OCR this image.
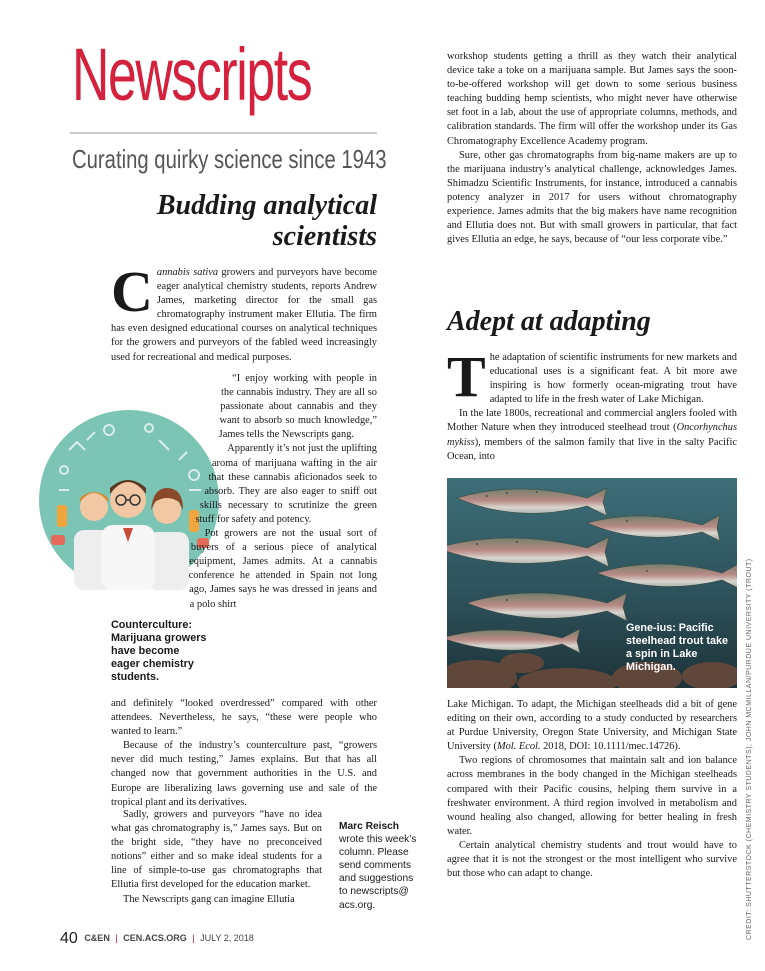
Newscripts
Curating quirky science since 1943
Budding analytical scientists

Cannabis sativa growers and purveyors have become eager analytical chemistry students, reports Andrew James, marketing director for the small gas chromatography instrument maker Ellutia. The firm has even designed educational courses on analytical techniques for the growers and purveyors of the fabled weed increasingly used for recreational and medical purposes.

“I enjoy working with people in the cannabis industry. They are all so passionate about cannabis and they want to absorb so much knowledge,” James tells the Newscripts gang.

Apparently it’s not just the uplifting aroma of marijuana wafting in the air that these cannabis aficionados seek to absorb. They are also eager to sniff out skills necessary to scrutinize the green stuff for safety and potency.

Pot growers are not the usual sort of buyers of a serious piece of analytical equipment, James admits. At a cannabis conference he attended in Spain not long ago, James says he was dressed in jeans and a polo shirt

Counterculture: Marijuana growers have become eager chemistry students.

and definitely “looked overdressed” compared with other attendees. Nevertheless, he says, “these were people who wanted to learn.”

Because of the industry’s counterculture past, “growers never did much testing,” James explains. But that has all changed now that government authorities in the U.S. and Europe are liberalizing laws governing use and sale of the tropical plant and its derivatives.

Sadly, growers and purveyors “have no idea what gas chromatography is,” James says. But on the bright side, “they have no preconceived notions” either and so make ideal students for a line of simple-to-use gas chromatographs that Ellutia first developed for the education market.

The Newscripts gang can imagine Ellutia

Marc Reisch wrote this week’s column. Please send comments and suggestions to newscripts@ acs.org.

workshop students getting a thrill as they watch their analytical device take a toke on a marijuana sample. But James says the soon-to-be-offered workshop will get down to some serious business teaching budding hemp scientists, who might never have otherwise set foot in a lab, about the use of appropriate columns, methods, and calibration standards. The firm will offer the workshop under its Gas Chromatography Excellence Academy program.

Sure, other gas chromatographs from big-name makers are up to the marijuana industry’s analytical challenge, acknowledges James. Shimadzu Scientific Instruments, for instance, introduced a cannabis potency analyzer in 2017 for users without chromatography experience. James admits that the big makers have name recognition and Ellutia does not. But with small growers in particular, that fact gives Ellutia an edge, he says, because of “our less corporate vibe.”

Adept at adapting

The adaptation of scientific instruments for new markets and educational uses is a significant feat. A bit more awe inspiring is how formerly ocean-migrating trout have adapted to life in the fresh water of Lake Michigan.

In the late 1800s, recreational and commercial anglers fooled with Mother Nature when they introduced steelhead trout (Oncorhynchus mykiss), members of the salmon family that live in the salty Pacific Ocean, into

Gene-ius: Pacific steelhead trout take a spin in Lake Michigan.

Lake Michigan. To adapt, the Michigan steelheads did a bit of gene editing on their own, according to a study conducted by researchers at Purdue University, Oregon State University, and Michigan State University (Mol. Ecol. 2018, DOI: 10.1111/mec.14726).

Two regions of chromosomes that maintain salt and ion balance across membranes in the body changed in the Michigan steelheads compared with their Pacific cousins, helping them survive in a freshwater environment. A third region involved in metabolism and wound healing also changed, allowing for better healing in fresh water.

Certain analytical chemistry students and trout would have to agree that it is not the strongest or the most intelligent who survive but those who can adapt to change.	CREDIT: SHUTTERSTOCK (CHEMISTRY STUDENTS); JOHN MCMILLAN/PURDUE UNIVERSITY (TROUT)
40 C&EN | CEN.ACS.ORG | JULY 2, 2018
